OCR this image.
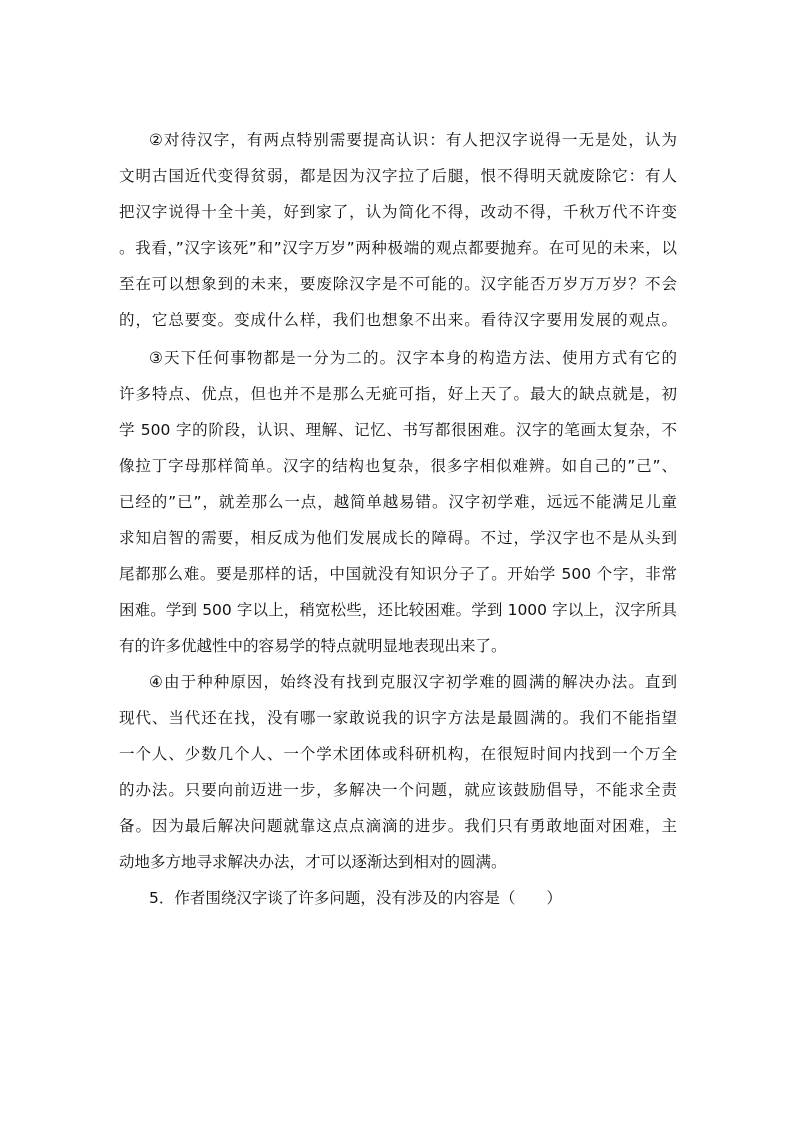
②对待汉字，有两点特别需要提高认识：有人把汉字说得一无是处，认为
文明古国近代变得贫弱，都是因为汉字拉了后腿，恨不得明天就废除它：有人
把汉字说得十全十美，好到家了，认为简化不得，改动不得，千秋万代不许变
。我看，”汉字该死”和”汉字万岁”两种极端的观点都要抛弃。在可见的未来，以
至在可以想象到的未来，要废除汉字是不可能的。汉字能否万岁万万岁？不会
的，它总要变。变成什么样，我们也想象不出来。看待汉字要用发展的观点。
③天下任何事物都是一分为二的。汉字本身的构造方法、使用方式有它的
许多特点、优点，但也并不是那么无疵可指，好上天了。最大的缺点就是，初
学 500 字的阶段，认识、理解、记忆、书写都很困难。汉字的笔画太复杂，不
像拉丁字母那样简单。汉字的结构也复杂，很多字相似难辨。如自己的”己”、
已经的”已”，就差那么一点，越简单越易错。汉字初学难，远远不能满足儿童
求知启智的需要，相反成为他们发展成长的障碍。不过，学汉字也不是从头到
尾都那么难。要是那样的话，中国就没有知识分子了。开始学 500 个字，非常
困难。学到 500 字以上，稍宽松些，还比较困难。学到 1000 字以上，汉字所具
有的许多优越性中的容易学的特点就明显地表现出来了。
④由于种种原因，始终没有找到克服汉字初学难的圆满的解决办法。直到
现代、当代还在找，没有哪一家敢说我的识字方法是最圆满的。我们不能指望
一个人、少数几个人、一个学术团体或科研机构，在很短时间内找到一个万全
的办法。只要向前迈进一步，多解决一个问题，就应该鼓励倡导，不能求全责
备。因为最后解决问题就靠这点点滴滴的进步。我们只有勇敢地面对困难，主
动地多方地寻求解决办法，才可以逐渐达到相对的圆满。
5．作者围绕汉字谈了许多问题，没有涉及的内容是（　　）
